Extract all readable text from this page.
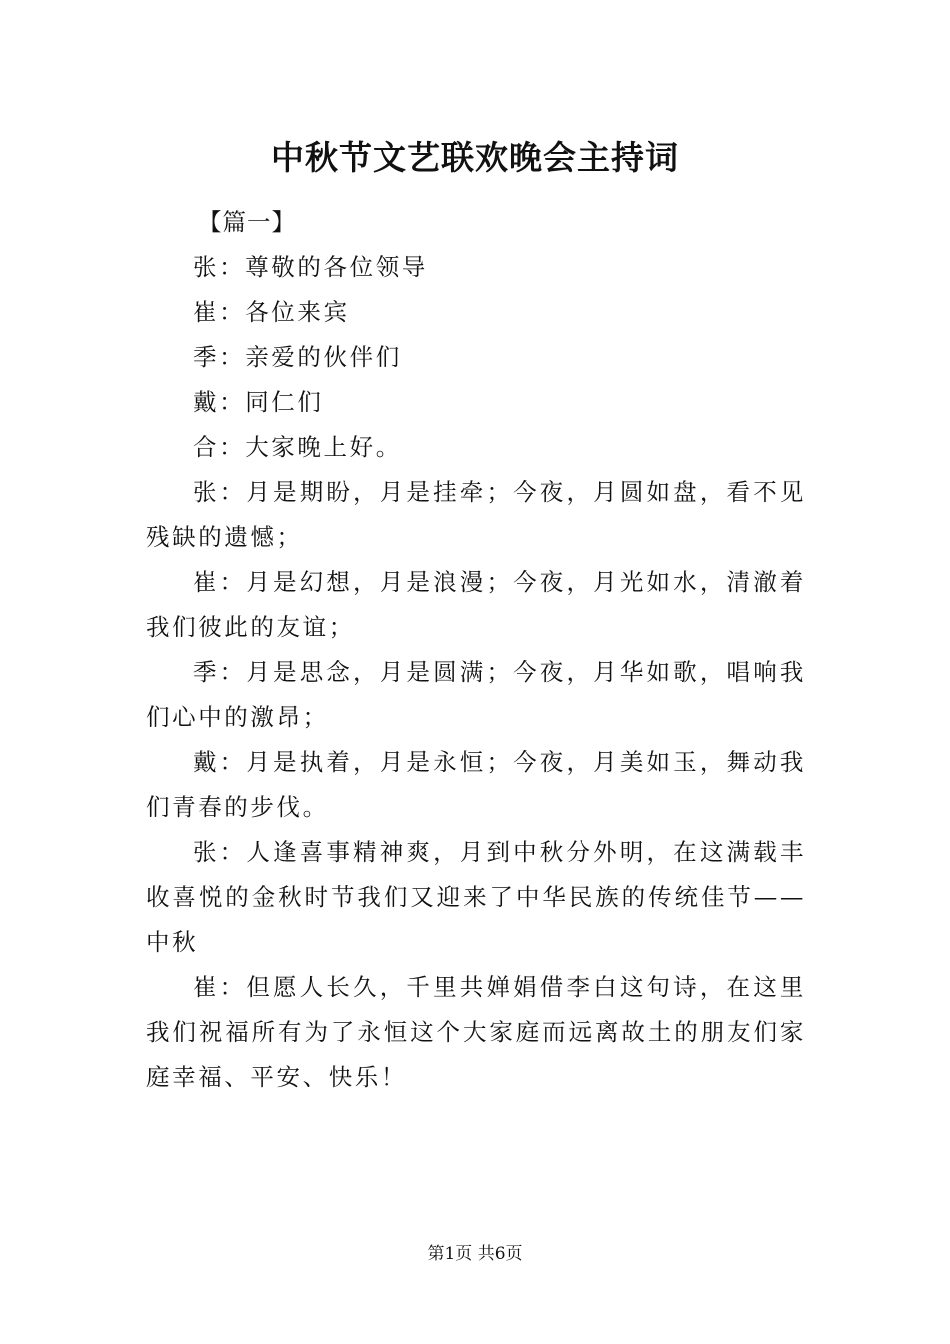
中秋节文艺联欢晚会主持词

【篇一】

张：尊敬的各位领导

崔：各位来宾

季：亲爱的伙伴们

戴：同仁们

合：大家晚上好。

张：月是期盼，月是挂牵；今夜，月圆如盘，看不见残缺的遗憾；

崔：月是幻想，月是浪漫；今夜，月光如水，清澈着我们彼此的友谊；

季：月是思念，月是圆满；今夜，月华如歌，唱响我们心中的激昂；

戴：月是执着，月是永恒；今夜，月美如玉，舞动我们青春的步伐。

张：人逢喜事精神爽，月到中秋分外明，在这满载丰收喜悦的金秋时节我们又迎来了中华民族的传统佳节——中秋

崔：但愿人长久，千里共婵娟借李白这句诗，在这里我们祝福所有为了永恒这个大家庭而远离故土的朋友们家庭幸福、平安、快乐！

第1页 共6页
